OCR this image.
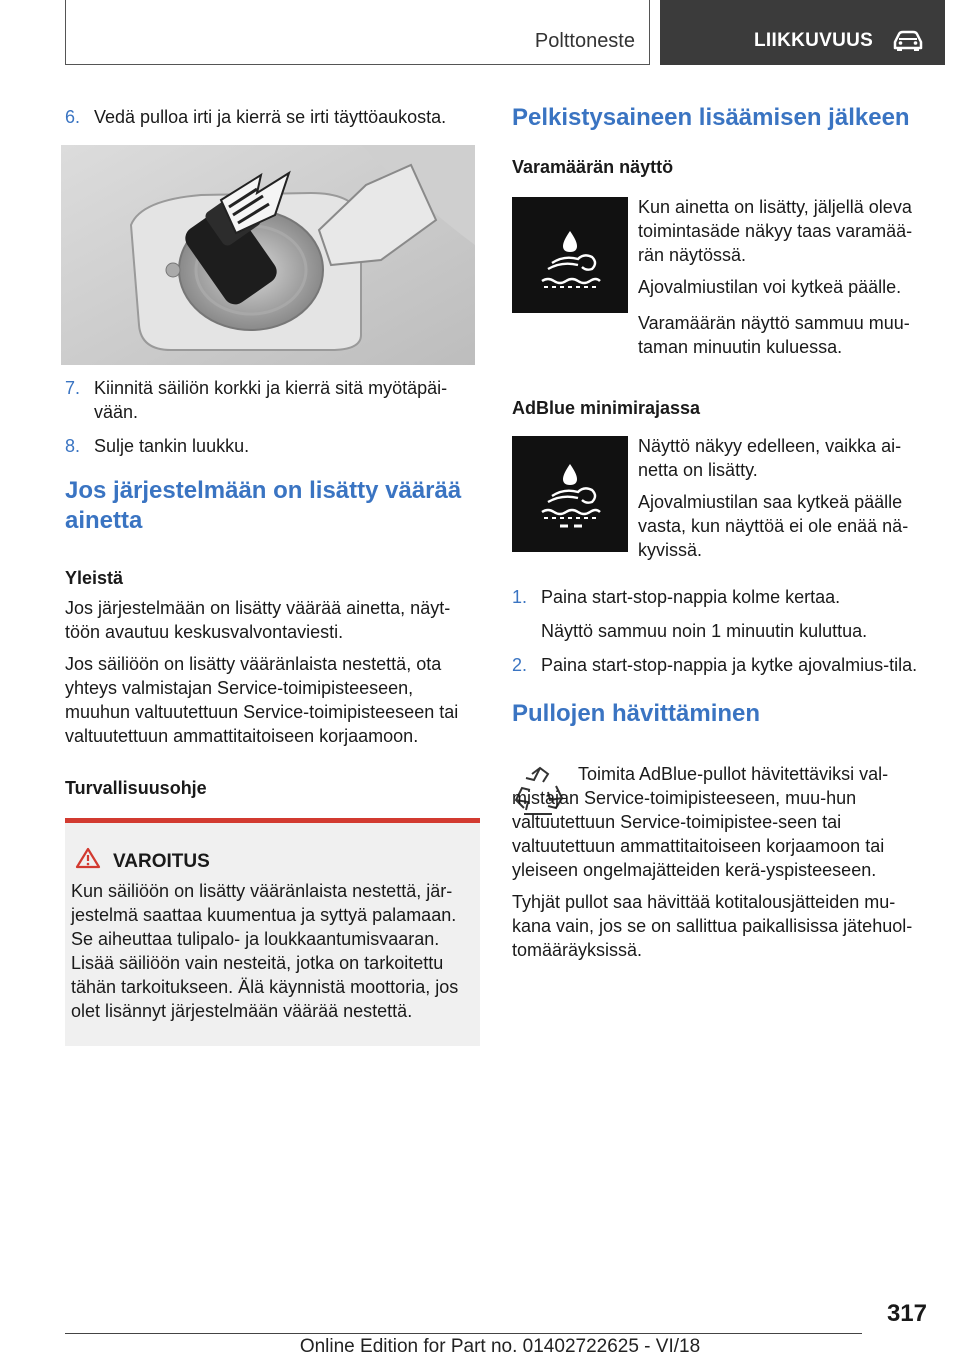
Polttoneste	LIIKKUVUUS
6. Vedä pulloa irti ja kierrä se irti täyttöaukosta.
7. Kiinnitä säiliön korkki ja kierrä sitä myötäpäi-vään.
8. Sulje tankin luukku.
Jos järjestelmään on lisätty väärää ainetta
Yleistä

Jos järjestelmään on lisätty väärää ainetta, näyt-töön avautuu keskusvalvontaviesti.

Jos säiliöön on lisätty vääränlaista nestettä, ota yhteys valmistajan Service-toimipisteeseen, muuhun valtuutettuun Service-toimipisteeseen tai valtuutettuun ammattitaitoiseen korjaamoon.

Turvallisuusohje
VAROITUS
Kun säiliöön on lisätty vääränlaista nestettä, jär-jestelmä saattaa kuumentua ja syttyä palamaan. Se aiheuttaa tulipalo- ja loukkaantumisvaaran. Lisää säiliöön vain nesteitä, jotka on tarkoitettu tähän tarkoitukseen. Älä käynnistä moottoria, jos olet lisännyt järjestelmään väärää nestettä.
Pelkistysaineen lisäämisen jälkeen
Varamäärän näyttö

Kun ainetta on lisätty, jäljellä oleva toimintasäde näkyy taas varamää-rän näytössä.

Ajovalmiustilan voi kytkeä päälle.

Varamäärän näyttö sammuu muu-taman minuutin kuluessa.

AdBlue minimirajassa

Näyttö näkyy edelleen, vaikka ai-netta on lisätty.

Ajovalmiustilan saa kytkeä päälle vasta, kun näyttöä ei ole enää nä-kyvissä.

1. Paina start-stop-nappia kolme kertaa.
Näyttö sammuu noin 1 minuutin kuluttua.
2. Paina start-stop-nappia ja kytke ajovalmius-tila.
Pullojen hävittäminen

Toimita AdBlue-pullot hävitettäviksi val-mistajan Service-toimipisteeseen, muu-hun valtuutettuun Service-toimipistee-seen tai valtuutettuun ammattitaitoiseen korjaamoon tai yleiseen ongelmajätteiden kerä-yspisteeseen.

Tyhjät pullot saa hävittää kotitalousjätteiden mu-kana vain, jos se on sallittua paikallisissa jätehuol-tomääräyksissä.

317
Online Edition for Part no. 01402722625 - VI/18
